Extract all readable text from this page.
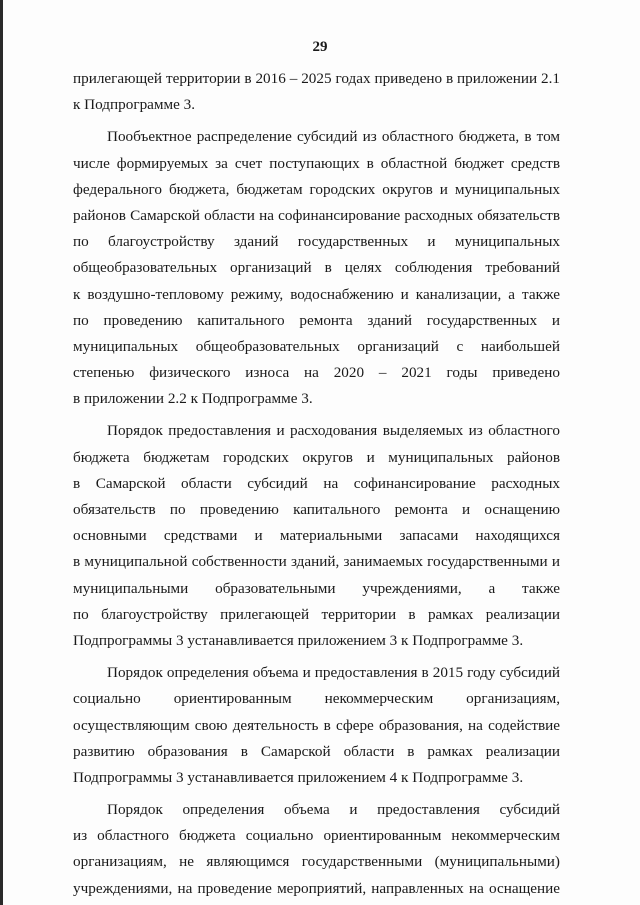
29
прилегающей территории в 2016 – 2025 годах приведено в приложении 2.1
к Подпрограмме 3.
Пообъектное распределение субсидий из областного бюджета, в том
числе формируемых за счет поступающих в областной бюджет средств
федерального бюджета, бюджетам городских округов и муниципальных
районов Самарской области на софинансирование расходных обязательств
по благоустройству зданий государственных и муниципальных
общеобразовательных организаций в целях соблюдения требований
к воздушно-тепловому режиму, водоснабжению и канализации, а также
по проведению капитального ремонта зданий государственных и
муниципальных общеобразовательных организаций с наибольшей
степенью физического износа на 2020 – 2021 годы приведено
в приложении 2.2 к Подпрограмме 3.
Порядок предоставления и расходования выделяемых из областного
бюджета бюджетам городских округов и муниципальных районов
в Самарской области субсидий на софинансирование расходных
обязательств по проведению капитального ремонта и оснащению
основными средствами и материальными запасами находящихся
в муниципальной собственности зданий, занимаемых государственными и
муниципальными образовательными учреждениями, а также
по благоустройству прилегающей территории в рамках реализации
Подпрограммы 3 устанавливается приложением 3 к Подпрограмме 3.
Порядок определения объема и предоставления в 2015 году субсидий
социально ориентированным некоммерческим организациям,
осуществляющим свою деятельность в сфере образования, на содействие
развитию образования в Самарской области в рамках реализации
Подпрограммы 3 устанавливается приложением 4 к Подпрограмме 3.
Порядок определения объема и предоставления субсидий
из областного бюджета социально ориентированным некоммерческим
организациям, не являющимся государственными (муниципальными)
учреждениями, на проведение мероприятий, направленных на оснащение
